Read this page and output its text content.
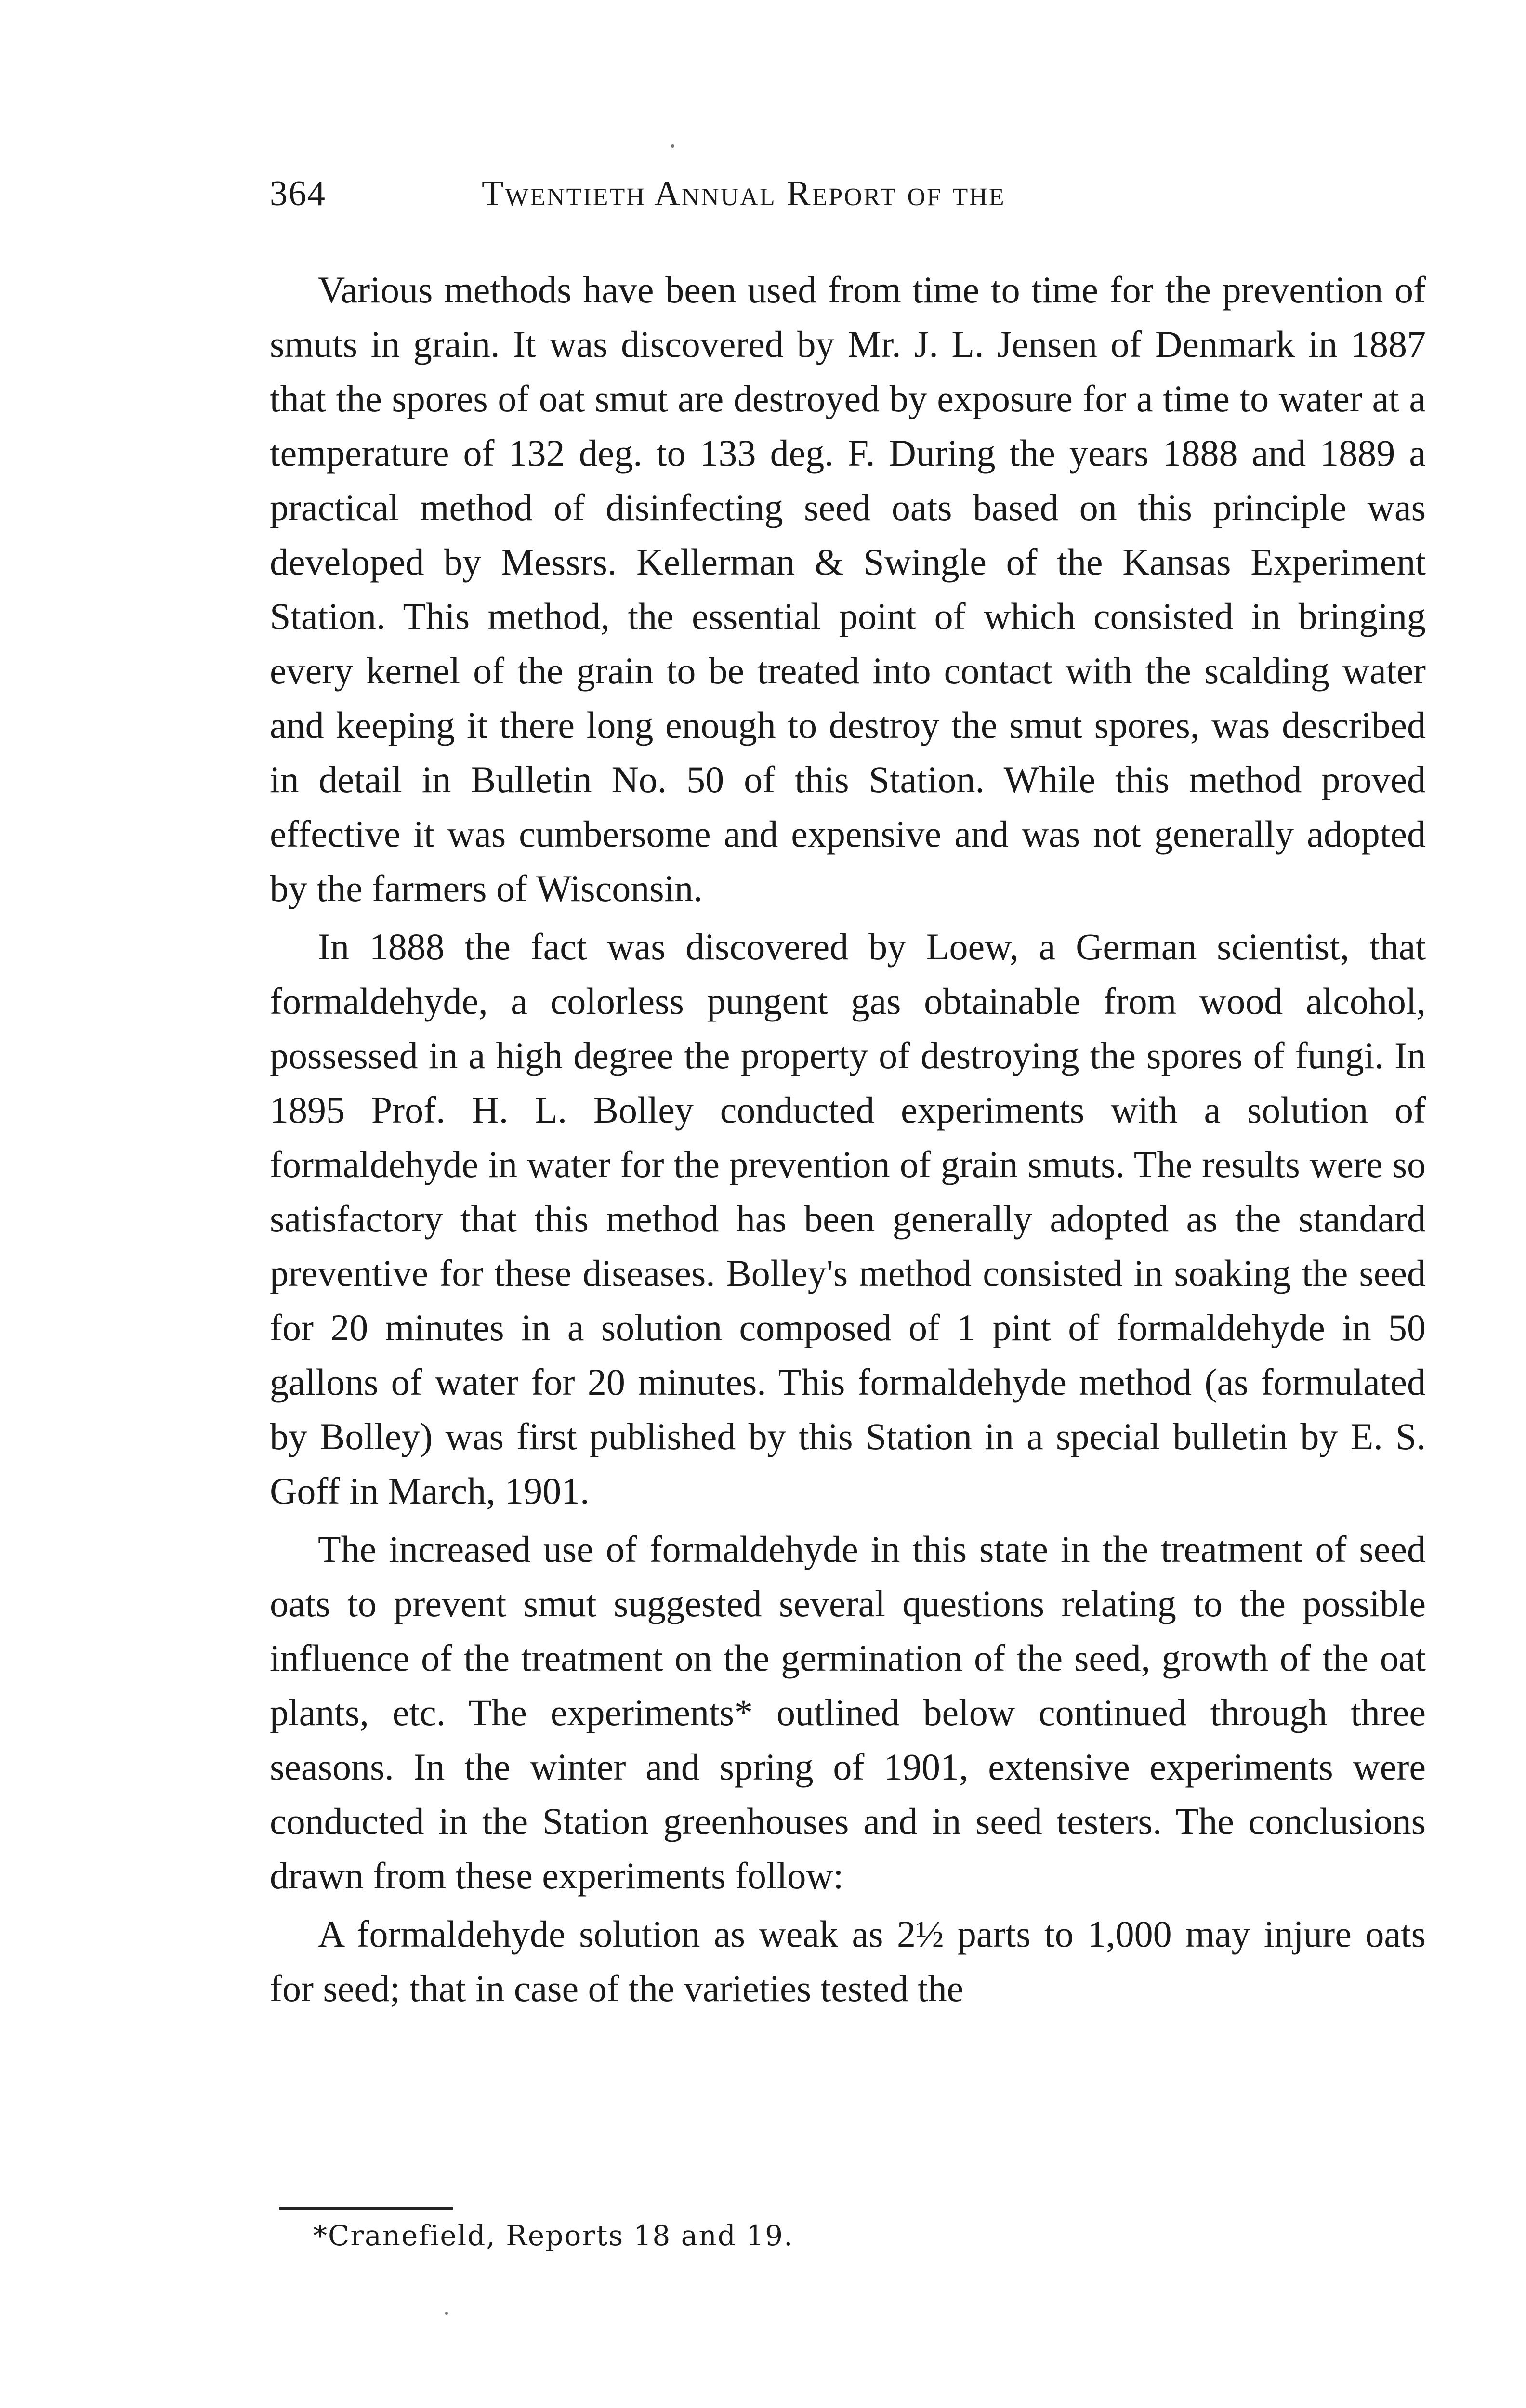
364	Twentieth Annual Report of the

Various methods have been used from time to time for the prevention of smuts in grain. It was discovered by Mr. J. L. Jensen of Denmark in 1887 that the spores of oat smut are destroyed by exposure for a time to water at a temperature of 132 deg. to 133 deg. F. During the years 1888 and 1889 a practical method of disinfecting seed oats based on this principle was developed by Messrs. Kellerman & Swingle of the Kansas Experiment Station. This method, the essential point of which consisted in bringing every kernel of the grain to be treated into contact with the scalding water and keeping it there long enough to destroy the smut spores, was described in detail in Bulletin No. 50 of this Station. While this method proved effective it was cumbersome and expensive and was not generally adopted by the farmers of Wisconsin.

In 1888 the fact was discovered by Loew, a German scientist, that formaldehyde, a colorless pungent gas obtainable from wood alcohol, possessed in a high degree the property of destroying the spores of fungi. In 1895 Prof. H. L. Bolley conducted experiments with a solution of formaldehyde in water for the prevention of grain smuts. The results were so satisfactory that this method has been generally adopted as the standard preventive for these diseases. Bolley's method consisted in soaking the seed for 20 minutes in a solution composed of 1 pint of formaldehyde in 50 gallons of water for 20 minutes. This formaldehyde method (as formulated by Bolley) was first published by this Station in a special bulletin by E. S. Goff in March, 1901.

The increased use of formaldehyde in this state in the treatment of seed oats to prevent smut suggested several questions relating to the possible influence of the treatment on the germination of the seed, growth of the oat plants, etc. The experiments* outlined below continued through three seasons. In the winter and spring of 1901, extensive experiments were conducted in the Station greenhouses and in seed testers. The conclusions drawn from these experiments follow:

A formaldehyde solution as weak as 2½ parts to 1,000 may injure oats for seed; that in case of the varieties tested the

*Cranefield, Reports 18 and 19.
